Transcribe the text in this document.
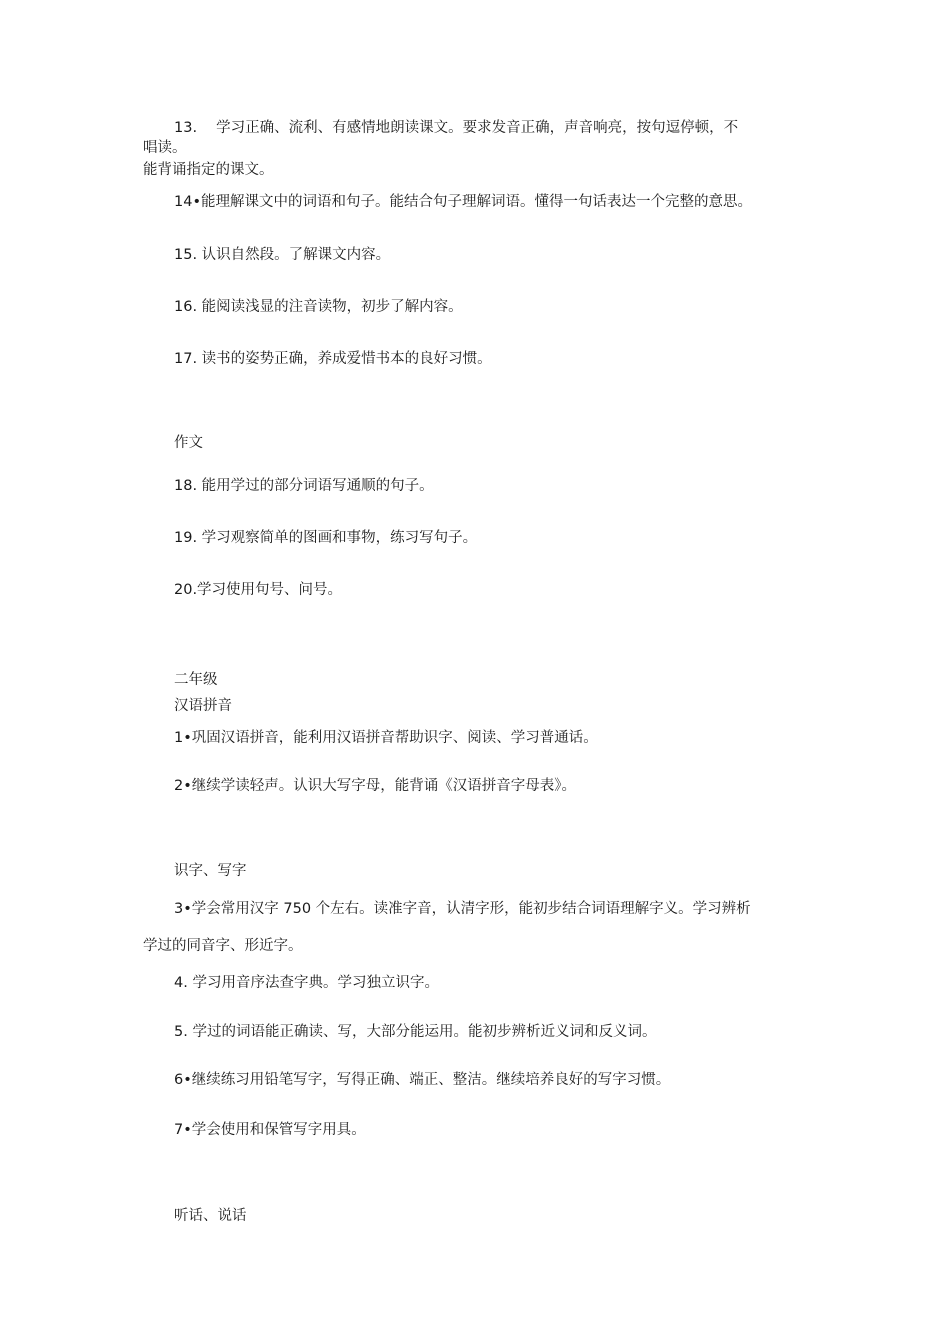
13.　 学习正确、流利、有感情地朗读课文。要求发音正确，声音响亮，按句逗停顿，不
唱读。
能背诵指定的课文。
14•能理解课文中的词语和句子。能结合句子理解词语。懂得一句话表达一个完整的意思。
15. 认识自然段。了解课文内容。
16. 能阅读浅显的注音读物，初步了解内容。
17. 读书的姿势正确，养成爱惜书本的良好习惯。
作文
18. 能用学过的部分词语写通顺的句子。
19. 学习观察简单的图画和事物，练习写句子。
20.学习使用句号、问号。
二年级
汉语拼音
1•巩固汉语拼音，能利用汉语拼音帮助识字、阅读、学习普通话。
2•继续学读轻声。认识大写字母，能背诵《汉语拼音字母表》。
识字、写字
3•学会常用汉字 750 个左右。读准字音，认清字形，能初步结合词语理解字义。学习辨析
学过的同音字、形近字。
4. 学习用音序法查字典。学习独立识字。
5. 学过的词语能正确读、写，大部分能运用。能初步辨析近义词和反义词。
6•继续练习用铅笔写字，写得正确、端正、整洁。继续培养良好的写字习惯。
7•学会使用和保管写字用具。
听话、说话
